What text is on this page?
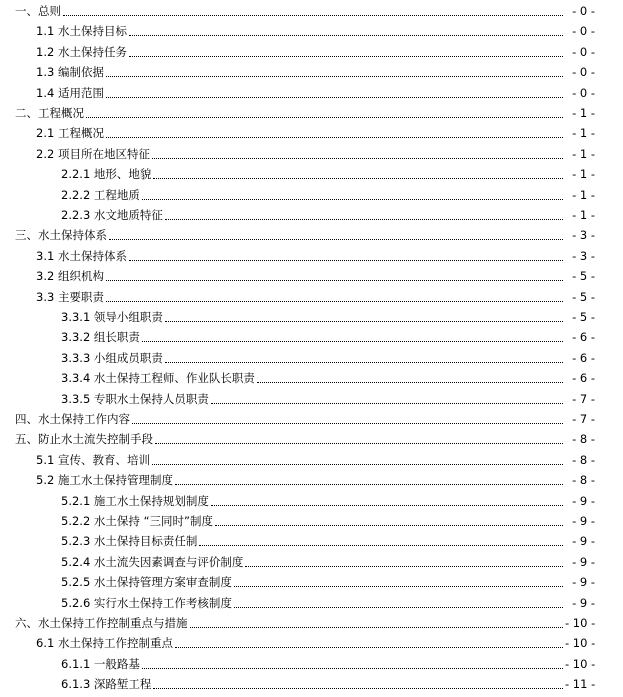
一、总则	- 0 -
1.1 水土保持目标	- 0 -
1.2 水土保持任务	- 0 -
1.3 编制依据	- 0 -
1.4 适用范围	- 0 -
二、工程概况	- 1 -
2.1 工程概况	- 1 -
2.2 项目所在地区特征	- 1 -
2.2.1 地形、地貌	- 1 -
2.2.2 工程地质	- 1 -
2.2.3 水文地质特征	- 1 -
三、水土保持体系	- 3 -
3.1 水土保持体系	- 3 -
3.2 组织机构	- 5 -
3.3 主要职责	- 5 -
3.3.1 领导小组职责	- 5 -
3.3.2 组长职责	- 6 -
3.3.3 小组成员职责	- 6 -
3.3.4 水土保持工程师、作业队长职责	- 6 -
3.3.5 专职水土保持人员职责	- 7 -
四、水土保持工作内容	- 7 -
五、防止水土流失控制手段	- 8 -
5.1 宣传、教育、培训	- 8 -
5.2 施工水土保持管理制度	- 8 -
5.2.1 施工水土保持规划制度	- 9 -
5.2.2 水土保持 “三同时”制度	- 9 -
5.2.3 水土保持目标责任制	- 9 -
5.2.4 水土流失因素调查与评价制度	- 9 -
5.2.5 水土保持管理方案审查制度	- 9 -
5.2.6 实行水土保持工作考核制度	- 9 -
六、水土保持工作控制重点与措施	- 10 -
6.1 水土保持工作控制重点	- 10 -
6.1.1 一般路基	- 10 -
6.1.3 深路堑工程	- 11 -
